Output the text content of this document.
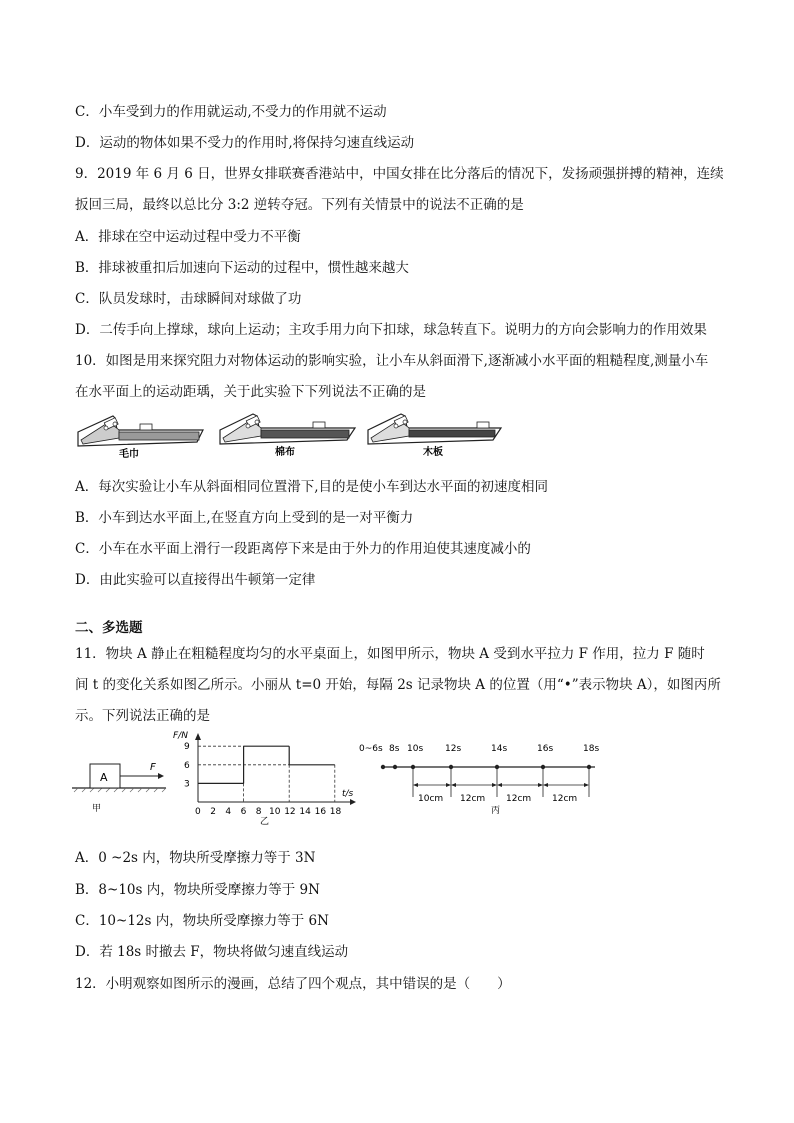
C．小车受到力的作用就运动,不受力的作用就不运动
D．运动的物体如果不受力的作用时,将保持匀速直线运动
9．2019 年 6 月 6 日，世界女排联赛香港站中，中国女排在比分落后的情况下，发扬顽强拼搏的精神，连续
扳回三局，最终以总比分 3:2 逆转夺冠。下列有关情景中的说法不正确的是
A．排球在空中运动过程中受力不平衡
B．排球被重扣后加速向下运动的过程中，惯性越来越大
C．队员发球时，击球瞬间对球做了功
D．二传手向上撑球，球向上运动；主攻手用力向下扣球，球急转直下。说明力的方向会影响力的作用效果
10．如图是用来探究阻力对物体运动的影响实验，让小车从斜面滑下,逐渐减小水平面的粗糙程度,测量小车
在水平面上的运动距瑀，关于此实验下下列说法不正确的是
毛巾	棉布	木板
A．每次实验让小车从斜面相同位置滑下,目的是使小车到达水平面的初速度相同
B．小车到达水平面上,在竖直方向上受到的是一对平衡力
C．小车在水平面上滑行一段距离停下来是由于外力的作用迫使其速度减小的
D．由此实验可以直接得出牛顿第一定律
二、多选题
11．物块 A 静止在粗糙程度均匀的水平桌面上，如图甲所示，物块 A 受到水平拉力 F 作用，拉力 F 随时
间 t 的变化关系如图乙所示。小丽从 t=0 开始，每隔 2s 记录物块 A 的位置（用“•”表示物块 A），如图丙所
示。下列说法正确的是
A
F
甲
F/N
t/s
9
6
3
0 2 4 6 8 10 12 14 16 18
乙
0~6s 8s 10s 12s	14s	16s	18s
10cm 12cm 12cm 12cm
丙
A．0 ~2s 内，物块所受摩擦力等于 3N
B．8~10s 内，物块所受摩擦力等于 9N
C．10~12s 内，物块所受摩擦力等于 6N
D．若 18s 时撤去 F，物块将做匀速直线运动
12．小明观察如图所示的漫画，总结了四个观点，其中错误的是（　　）
